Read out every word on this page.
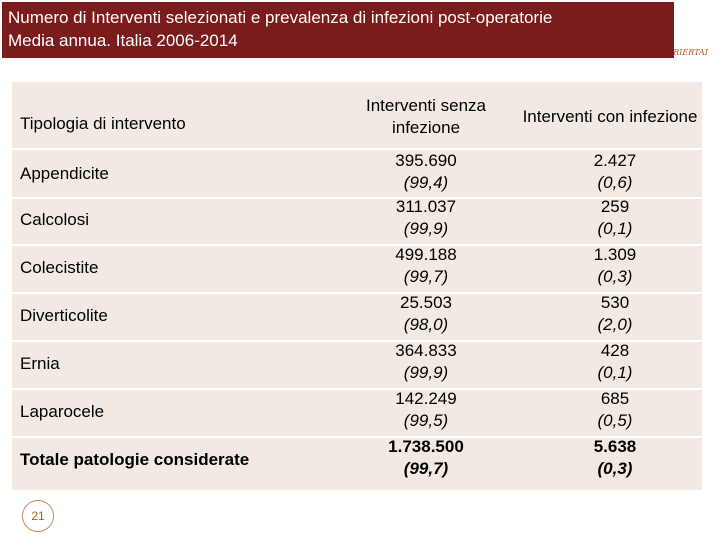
Numero di Interventi selezionati e prevalenza di infezioni post-operatorie
Media annua. Italia 2006-2014
RIERTAI
Tipologia di intervento
Interventi senza infezione
Interventi con infezione
Appendicite
395.690
(99,4)
2.427
(0,6)
Calcolosi
311.037
(99,9)
259
(0,1)
Colecistite
499.188
(99,7)
1.309
(0,3)
Diverticolite
25.503
(98,0)
530
(2,0)
Ernia
364.833
(99,9)
428
(0,1)
Laparocele
142.249
(99,5)
685
(0,5)
Totale patologie considerate
1.738.500
(99,7)
5.638
(0,3)
21
